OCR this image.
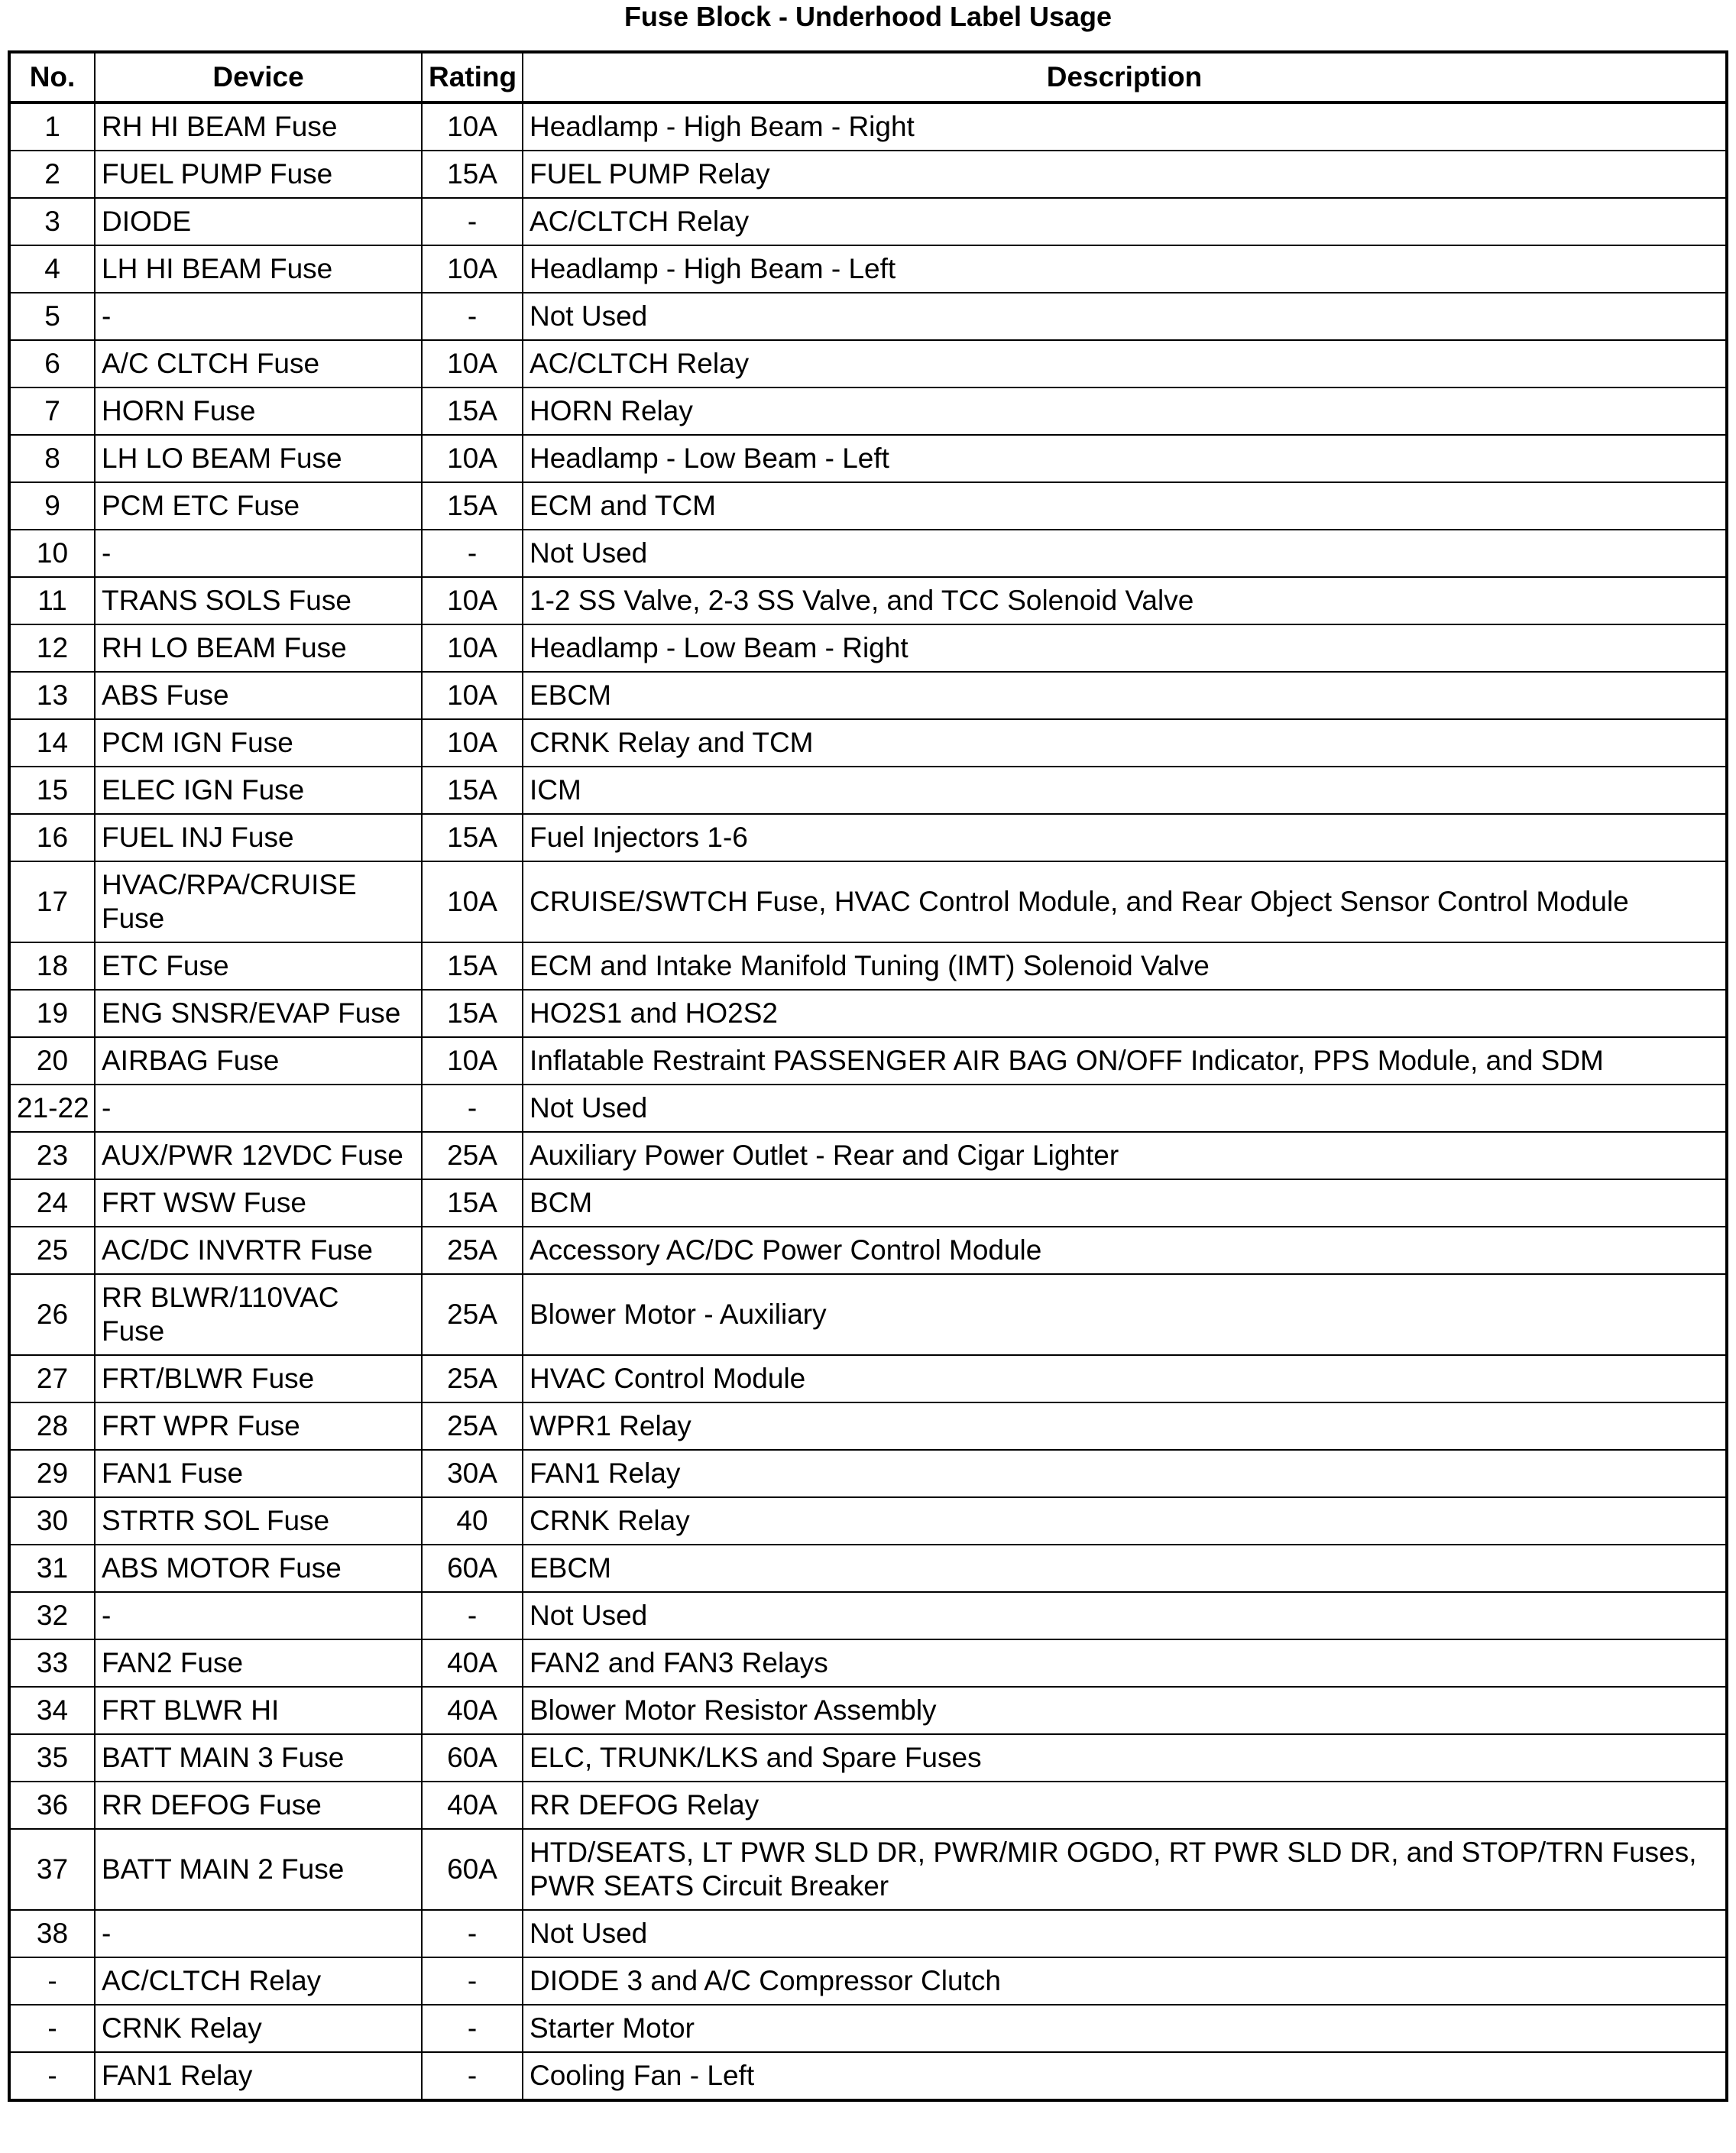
Fuse Block - Underhood Label Usage
No.	Device	Rating	Description
1	RH HI BEAM Fuse	10A	Headlamp - High Beam - Right
2	FUEL PUMP Fuse	15A	FUEL PUMP Relay
3	DIODE	-	AC/CLTCH Relay
4	LH HI BEAM Fuse	10A	Headlamp - High Beam - Left
5	-	-	Not Used
6	A/C CLTCH Fuse	10A	AC/CLTCH Relay
7	HORN Fuse	15A	HORN Relay
8	LH LO BEAM Fuse	10A	Headlamp - Low Beam - Left
9	PCM ETC Fuse	15A	ECM and TCM
10	-	-	Not Used
11	TRANS SOLS Fuse	10A	1-2 SS Valve, 2-3 SS Valve, and TCC Solenoid Valve
12	RH LO BEAM Fuse	10A	Headlamp - Low Beam - Right
13	ABS Fuse	10A	EBCM
14	PCM IGN Fuse	10A	CRNK Relay and TCM
15	ELEC IGN Fuse	15A	ICM
16	FUEL INJ Fuse	15A	Fuel Injectors 1-6
17	HVAC/RPA/CRUISE
Fuse	10A	CRUISE/SWTCH Fuse, HVAC Control Module, and Rear Object Sensor Control Module
18	ETC Fuse	15A	ECM and Intake Manifold Tuning (IMT) Solenoid Valve
19	ENG SNSR/EVAP Fuse	15A	HO2S1 and HO2S2
20	AIRBAG Fuse	10A	Inflatable Restraint PASSENGER AIR BAG ON/OFF Indicator, PPS Module, and SDM
21-22	-	-	Not Used
23	AUX/PWR 12VDC Fuse	25A	Auxiliary Power Outlet - Rear and Cigar Lighter
24	FRT WSW Fuse	15A	BCM
25	AC/DC INVRTR Fuse	25A	Accessory AC/DC Power Control Module
26	RR BLWR/110VAC
Fuse	25A	Blower Motor - Auxiliary
27	FRT/BLWR Fuse	25A	HVAC Control Module
28	FRT WPR Fuse	25A	WPR1 Relay
29	FAN1 Fuse	30A	FAN1 Relay
30	STRTR SOL Fuse	40	CRNK Relay
31	ABS MOTOR Fuse	60A	EBCM
32	-	-	Not Used
33	FAN2 Fuse	40A	FAN2 and FAN3 Relays
34	FRT BLWR HI	40A	Blower Motor Resistor Assembly
35	BATT MAIN 3 Fuse	60A	ELC, TRUNK/LKS and Spare Fuses
36	RR DEFOG Fuse	40A	RR DEFOG Relay
37	BATT MAIN 2 Fuse	60A	HTD/SEATS, LT PWR SLD DR, PWR/MIR OGDO, RT PWR SLD DR, and STOP/TRN Fuses,
PWR SEATS Circuit Breaker
38	-	-	Not Used
-	AC/CLTCH Relay	-	DIODE 3 and A/C Compressor Clutch
-	CRNK Relay	-	Starter Motor
-	FAN1 Relay	-	Cooling Fan - Left
